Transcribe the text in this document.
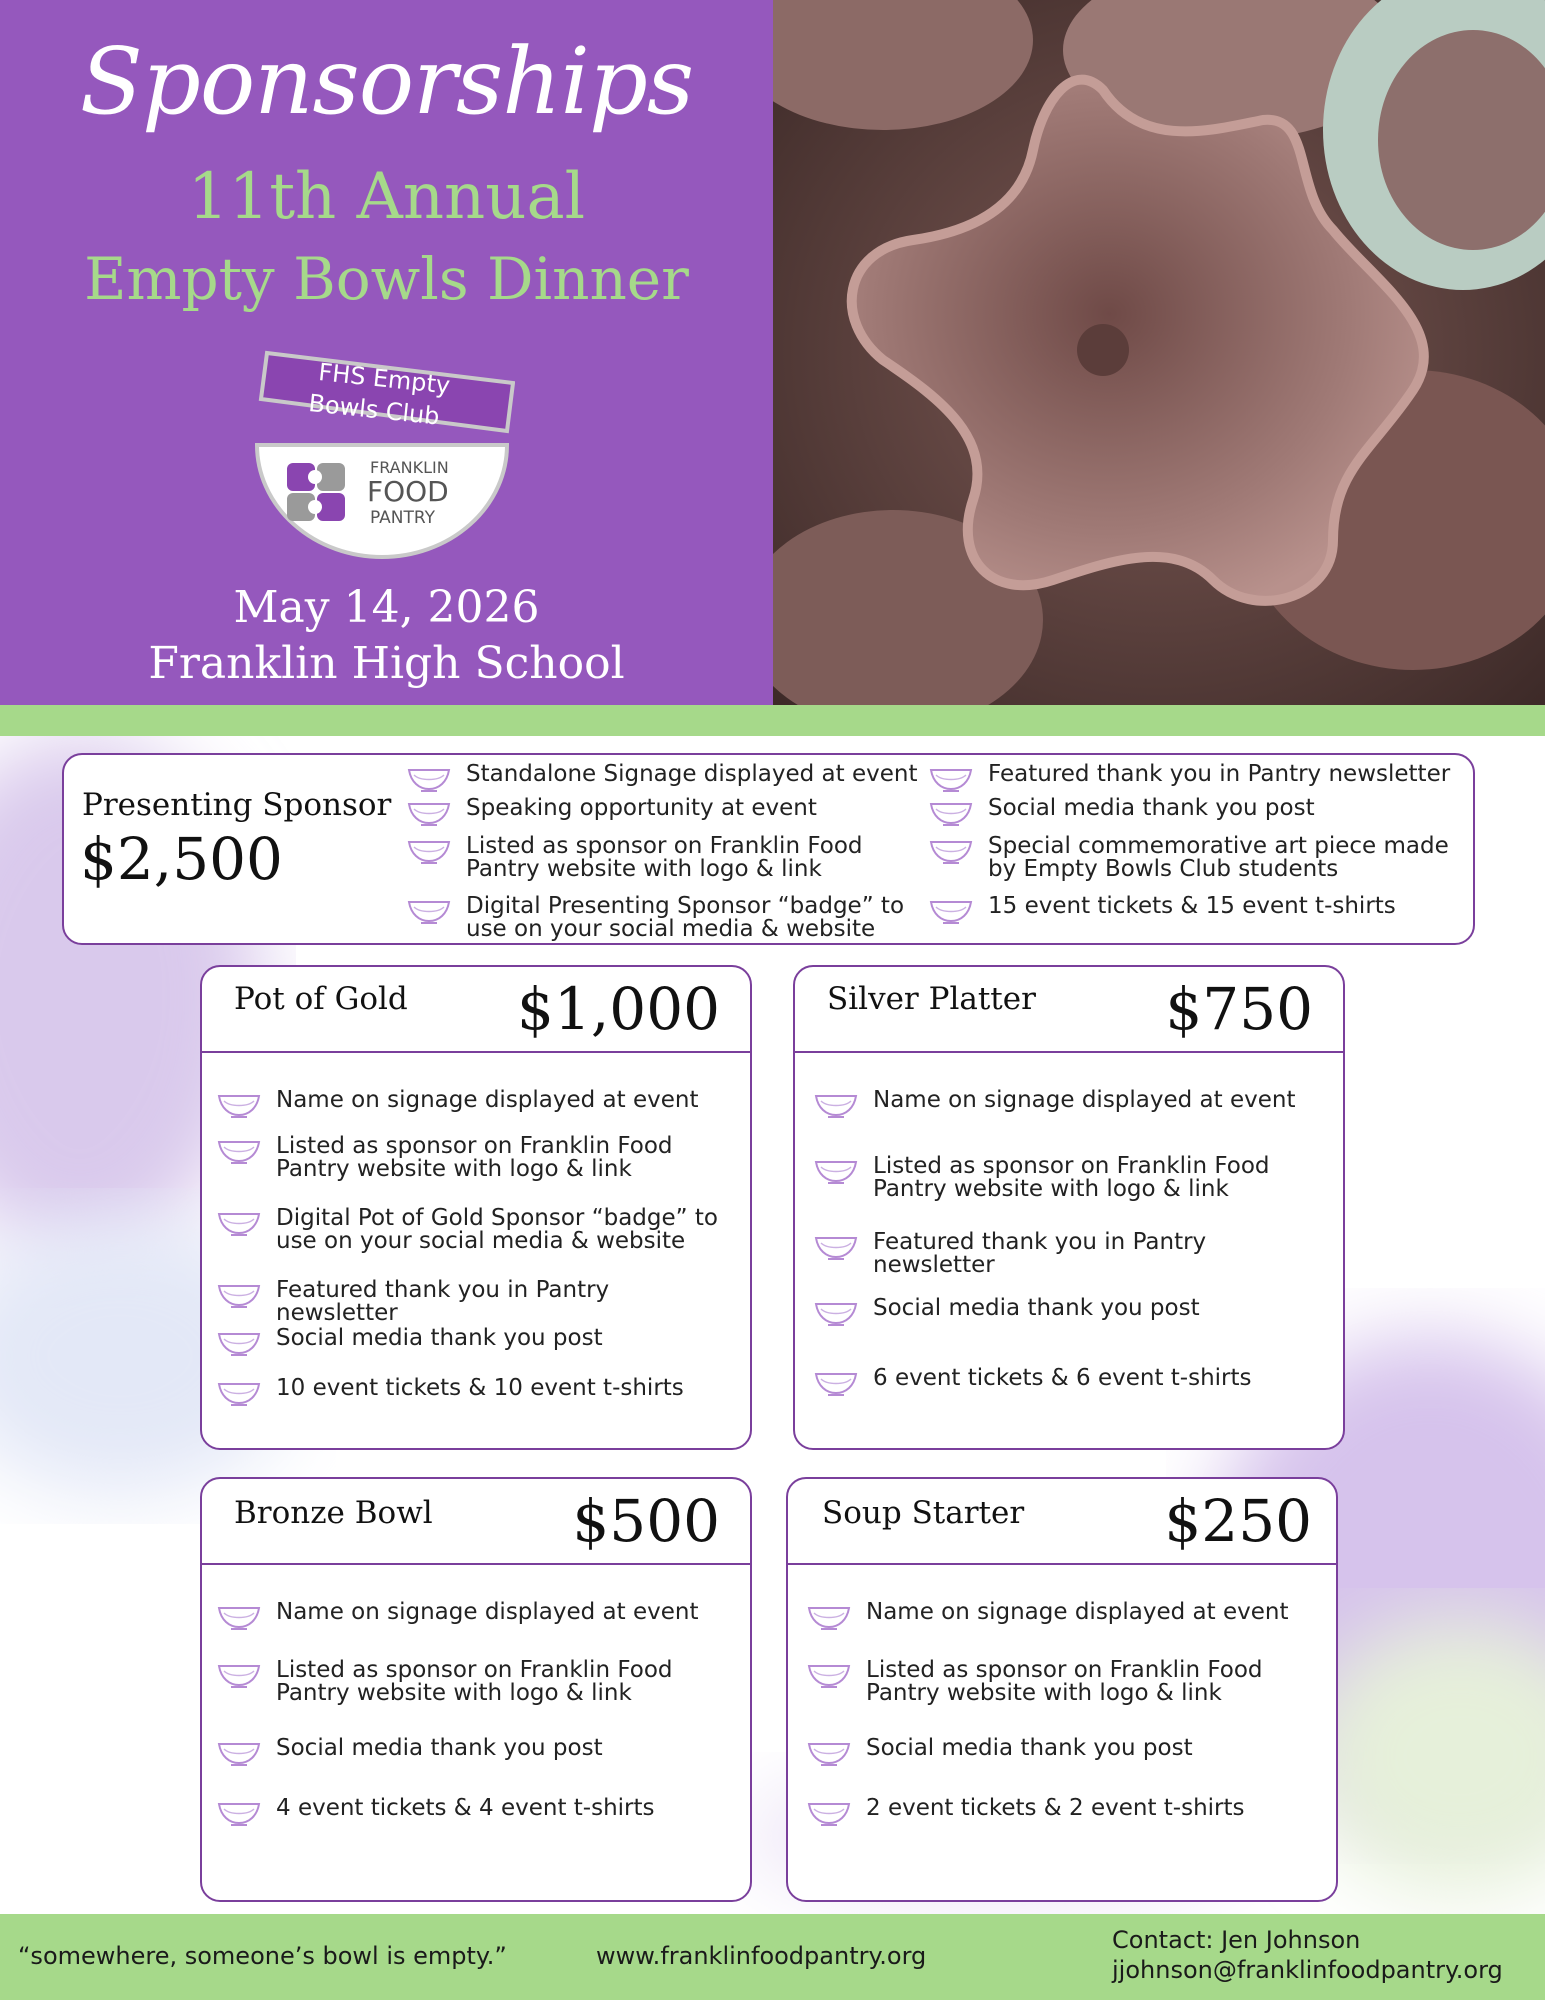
Sponsorships
11th Annual
Empty Bowls Dinner
FHS Empty
Bowls Club
FRANKLIN
FOOD
PANTRY
May 14, 2026
Franklin High School
Presenting Sponsor
$2,500
Standalone Signage displayed at event
Speaking opportunity at event
Listed as sponsor on Franklin Food
Pantry website with logo & link
Digital Presenting Sponsor “badge” to
use on your social media & website
Featured thank you in Pantry newsletter
Social media thank you post
Special commemorative art piece made
by Empty Bowls Club students
15 event tickets & 15 event t-shirts
Pot of Gold $1,000
Name on signage displayed at event
Listed as sponsor on Franklin Food
Pantry website with logo & link
Digital Pot of Gold Sponsor “badge” to
use on your social media & website
Featured thank you in Pantry newsletter
Social media thank you post
10 event tickets & 10 event t-shirts
Silver Platter $750
Name on signage displayed at event
Listed as sponsor on Franklin Food
Pantry website with logo & link
Featured thank you in Pantry newsletter
Social media thank you post
6 event tickets & 6 event t-shirts
Bronze Bowl $500
Name on signage displayed at event
Listed as sponsor on Franklin Food
Pantry website with logo & link
Social media thank you post
4 event tickets & 4 event t-shirts
Soup Starter $250
Name on signage displayed at event
Listed as sponsor on Franklin Food
Pantry website with logo & link
Social media thank you post
2 event tickets & 2 event t-shirts
“somewhere, someone’s bowl is empty.”	www.franklinfoodpantry.org
Contact: Jen Johnson
jjohnson@franklinfoodpantry.org
